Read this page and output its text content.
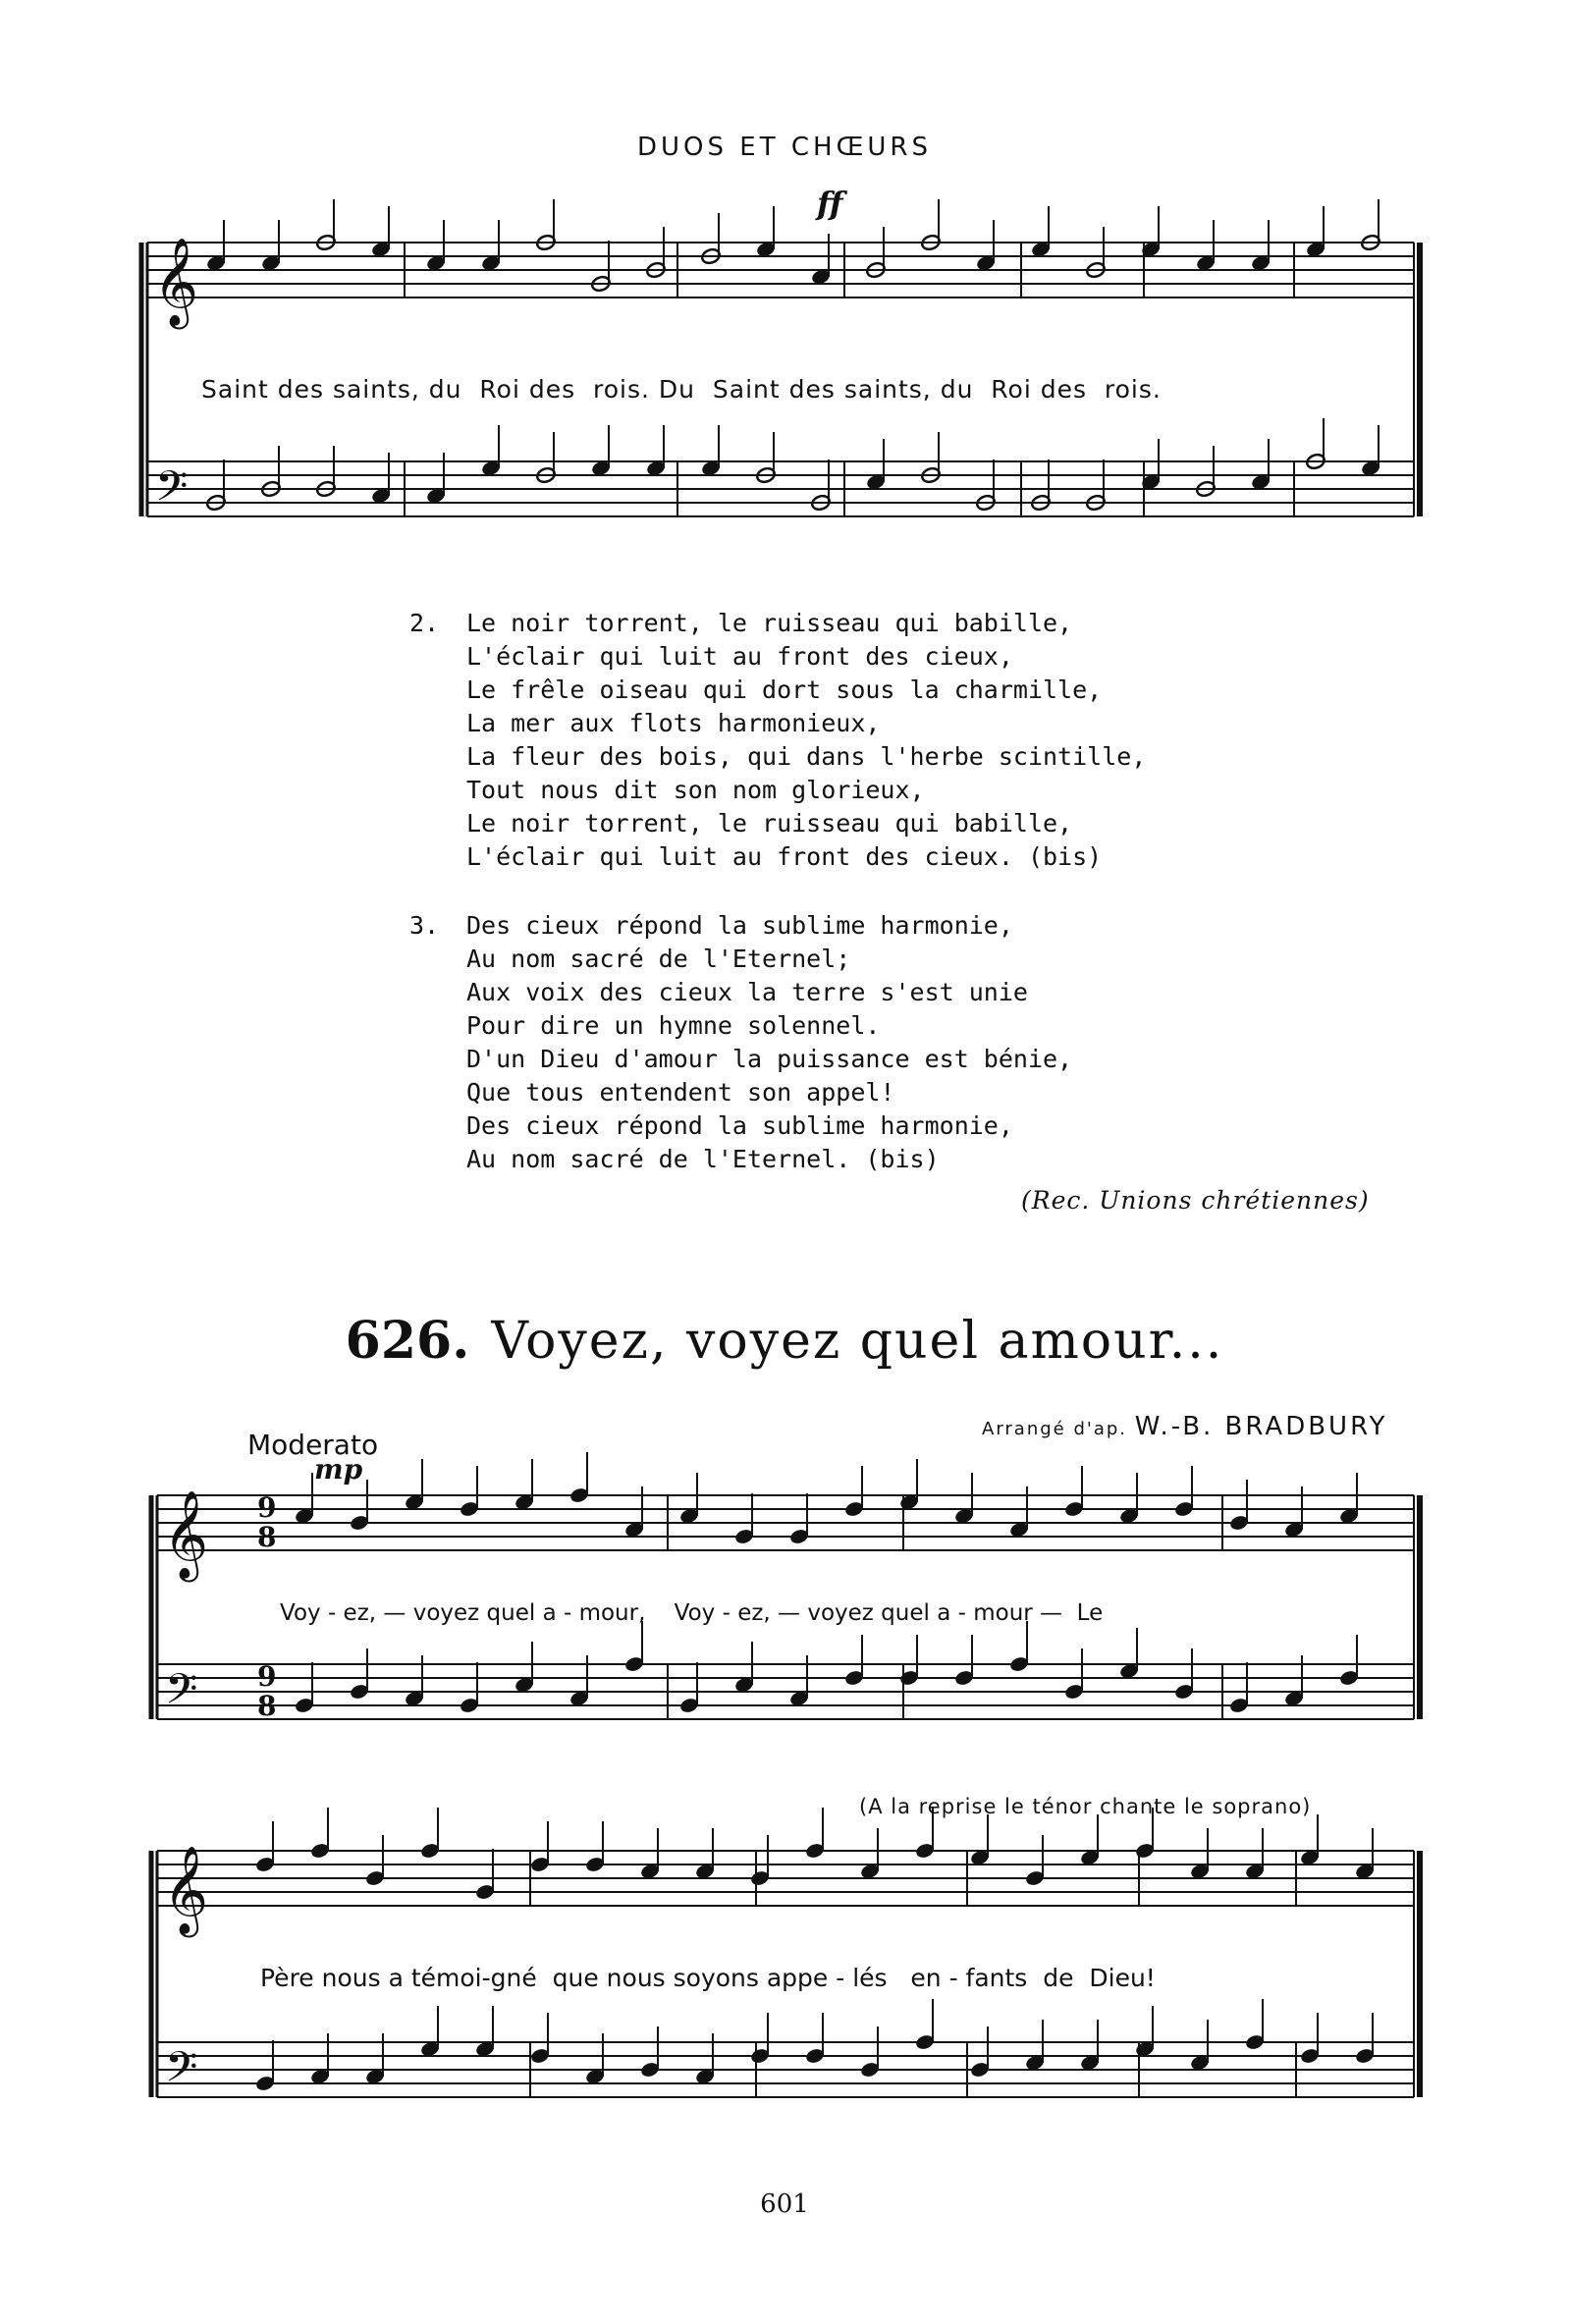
DUOS ET CHŒURS
𝄞
𝄢
𝄞
𝄢
9
8
9
8
𝄞
𝄢
Saint des saints, du  Roi des  rois. Du  Saint des saints, du  Roi des  rois.
ff
2. Le noir torrent, le ruisseau qui babille,
L'éclair qui luit au front des cieux,
Le frêle oiseau qui dort sous la charmille,
La mer aux flots harmonieux,
La fleur des bois, qui dans l'herbe scintille,
Tout nous dit son nom glorieux,
Le noir torrent, le ruisseau qui babille,
L'éclair qui luit au front des cieux. (bis)
3. Des cieux répond la sublime harmonie,
Au nom sacré de l'Eternel;
Aux voix des cieux la terre s'est unie
Pour dire un hymne solennel.
D'un Dieu d'amour la puissance est bénie,
Que tous entendent son appel!
Des cieux répond la sublime harmonie,
Au nom sacré de l'Eternel. (bis)
(Rec. Unions chrétiennes)
626. Voyez, voyez quel amour...
Arrangé d'ap. W.-B. BRADBURY
Moderato
mp
Voy - ez, — voyez quel a - mour,    Voy - ez, — voyez quel a - mour —  Le
(A la reprise le ténor chante le soprano)
Père nous a témoi-gné  que nous soyons appe - lés   en - fants  de  Dieu!
601
